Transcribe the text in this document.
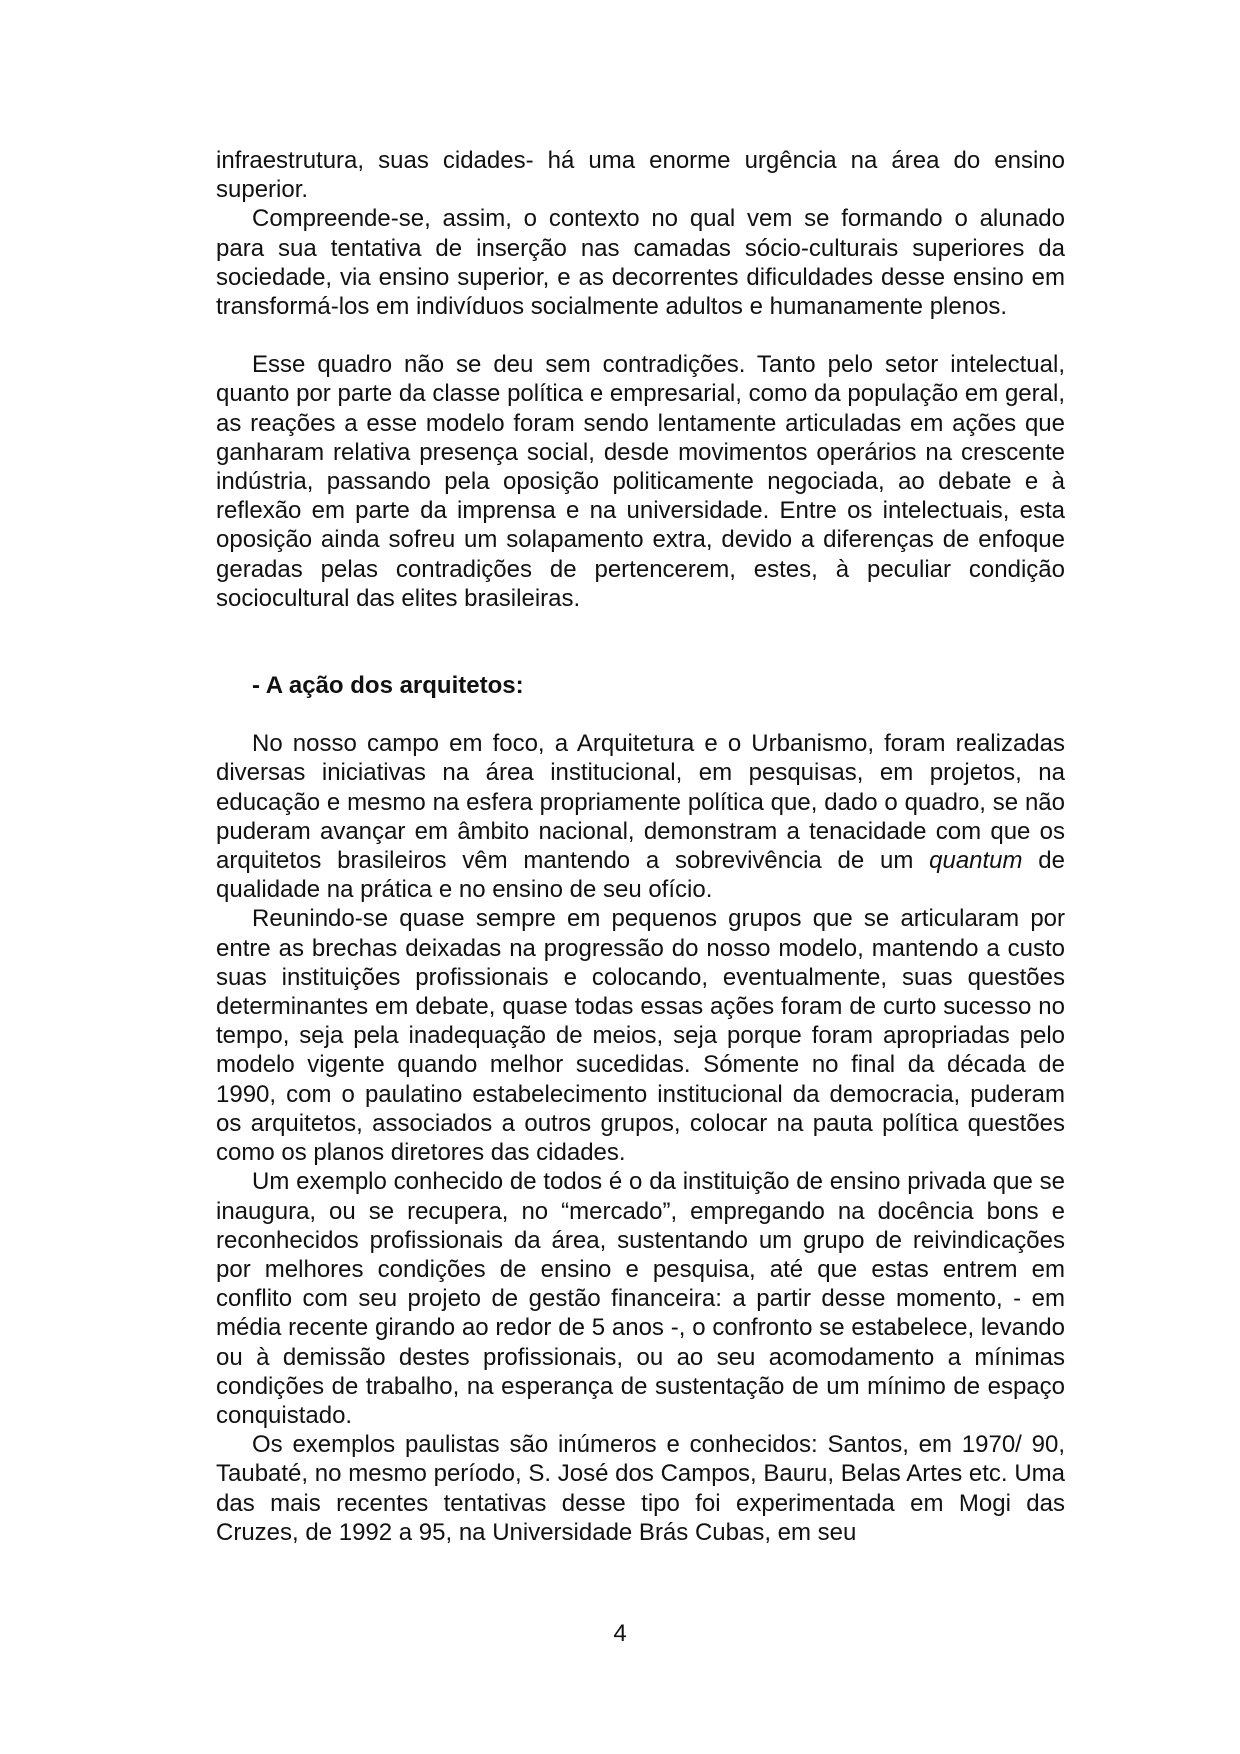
infraestrutura, suas cidades- há uma enorme urgência na área do ensino superior.

Compreende-se, assim, o contexto no qual vem se formando o alunado para sua tentativa de inserção nas camadas sócio-culturais superiores da sociedade, via ensino superior, e as decorrentes dificuldades desse ensino em transformá-los em indivíduos socialmente adultos e humanamente plenos.

Esse quadro não se deu sem contradições. Tanto pelo setor intelectual, quanto por parte da classe política e empresarial, como da população em geral, as reações a esse modelo foram sendo lentamente articuladas em ações que ganharam relativa presença social, desde movimentos operários na crescente indústria, passando pela oposição politicamente negociada, ao debate e à reflexão em parte da imprensa e na universidade. Entre os intelectuais, esta oposição ainda sofreu um solapamento extra, devido a diferenças de enfoque geradas pelas contradições de pertencerem, estes, à peculiar condição sociocultural das elites brasileiras.

- A ação dos arquitetos:

No nosso campo em foco, a Arquitetura e o Urbanismo, foram realizadas diversas iniciativas na área institucional, em pesquisas, em projetos, na educação e mesmo na esfera propriamente política que, dado o quadro, se não puderam avançar em âmbito nacional, demonstram a tenacidade com que os arquitetos brasileiros vêm mantendo a sobrevivência de um quantum de qualidade na prática e no ensino de seu ofício.

Reunindo-se quase sempre em pequenos grupos que se articularam por entre as brechas deixadas na progressão do nosso modelo, mantendo a custo suas instituições profissionais e colocando, eventualmente, suas questões determinantes em debate, quase todas essas ações foram de curto sucesso no tempo, seja pela inadequação de meios, seja porque foram apropriadas pelo modelo vigente quando melhor sucedidas. Sómente no final da década de 1990, com o paulatino estabelecimento institucional da democracia, puderam os arquitetos, associados a outros grupos, colocar na pauta política questões como os planos diretores das cidades.

Um exemplo conhecido de todos é o da instituição de ensino privada que se inaugura, ou se recupera, no “mercado”, empregando na docência bons e reconhecidos profissionais da área, sustentando um grupo de reivindicações por melhores condições de ensino e pesquisa, até que estas entrem em conflito com seu projeto de gestão financeira: a partir desse momento, - em média recente girando ao redor de 5 anos -, o confronto se estabelece, levando ou à demissão destes profissionais, ou ao seu acomodamento a mínimas condições de trabalho, na esperança de sustentação de um mínimo de espaço conquistado.

Os exemplos paulistas são inúmeros e conhecidos: Santos, em 1970/ 90, Taubaté, no mesmo período, S. José dos Campos, Bauru, Belas Artes etc. Uma das mais recentes tentativas desse tipo foi experimentada em Mogi das Cruzes, de 1992 a 95, na Universidade Brás Cubas, em seu

4
